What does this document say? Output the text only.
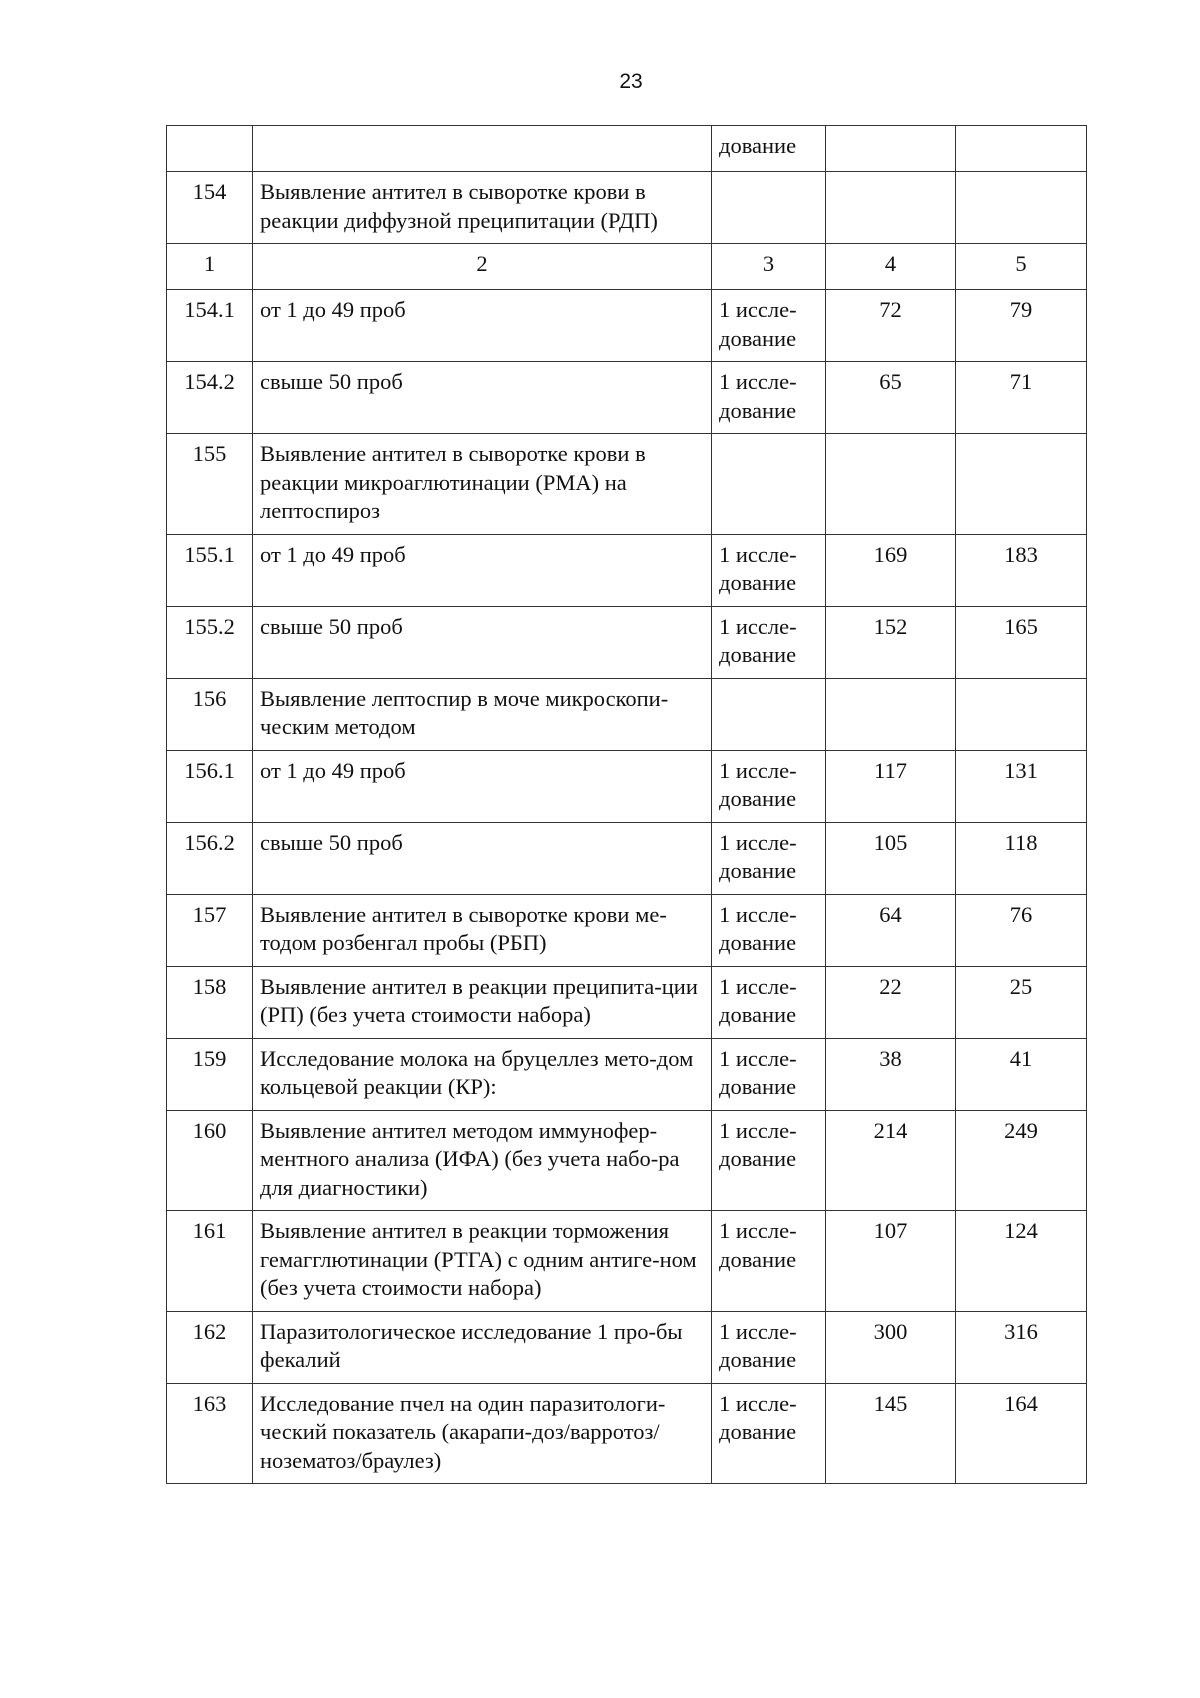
23
		дование		
154	Выявление антител в сыворотке крови в реакции диффузной преципитации (РДП)			
1	2	3	4	5
154.1	от 1 до 49 проб	1 иссле-дование	72	79
154.2	свыше 50 проб	1 иссле-дование	65	71
155	Выявление антител в сыворотке крови в реакции микроаглютинации (РМА) на лептоспироз			
155.1	от 1 до 49 проб	1 иссле-дование	169	183
155.2	свыше 50 проб	1 иссле-дование	152	165
156	Выявление лептоспир в моче микроскопи-ческим методом			
156.1	от 1 до 49 проб	1 иссле-дование	117	131
156.2	свыше 50 проб	1 иссле-дование	105	118
157	Выявление антител в сыворотке крови ме-тодом розбенгал пробы (РБП)	1 иссле-дование	64	76
158	Выявление антител в реакции преципита-ции (РП) (без учета стоимости набора)	1 иссле-дование	22	25
159	Исследование молока на бруцеллез мето-дом кольцевой реакции (КР):	1 иссле-дование	38	41
160	Выявление антител методом иммунофер-ментного анализа (ИФА) (без учета набо-ра для диагностики)	1 иссле-дование	214	249
161	Выявление антител в реакции торможения гемагглютинации (РТГА) с одним антиге-ном (без учета стоимости набора)	1 иссле-дование	107	124
162	Паразитологическое исследование 1 про-бы фекалий	1 иссле-дование	300	316
163	Исследование пчел на один паразитологи-ческий показатель (акарапи-доз/варротоз/нозематоз/браулез)	1 иссле-дование	145	164
